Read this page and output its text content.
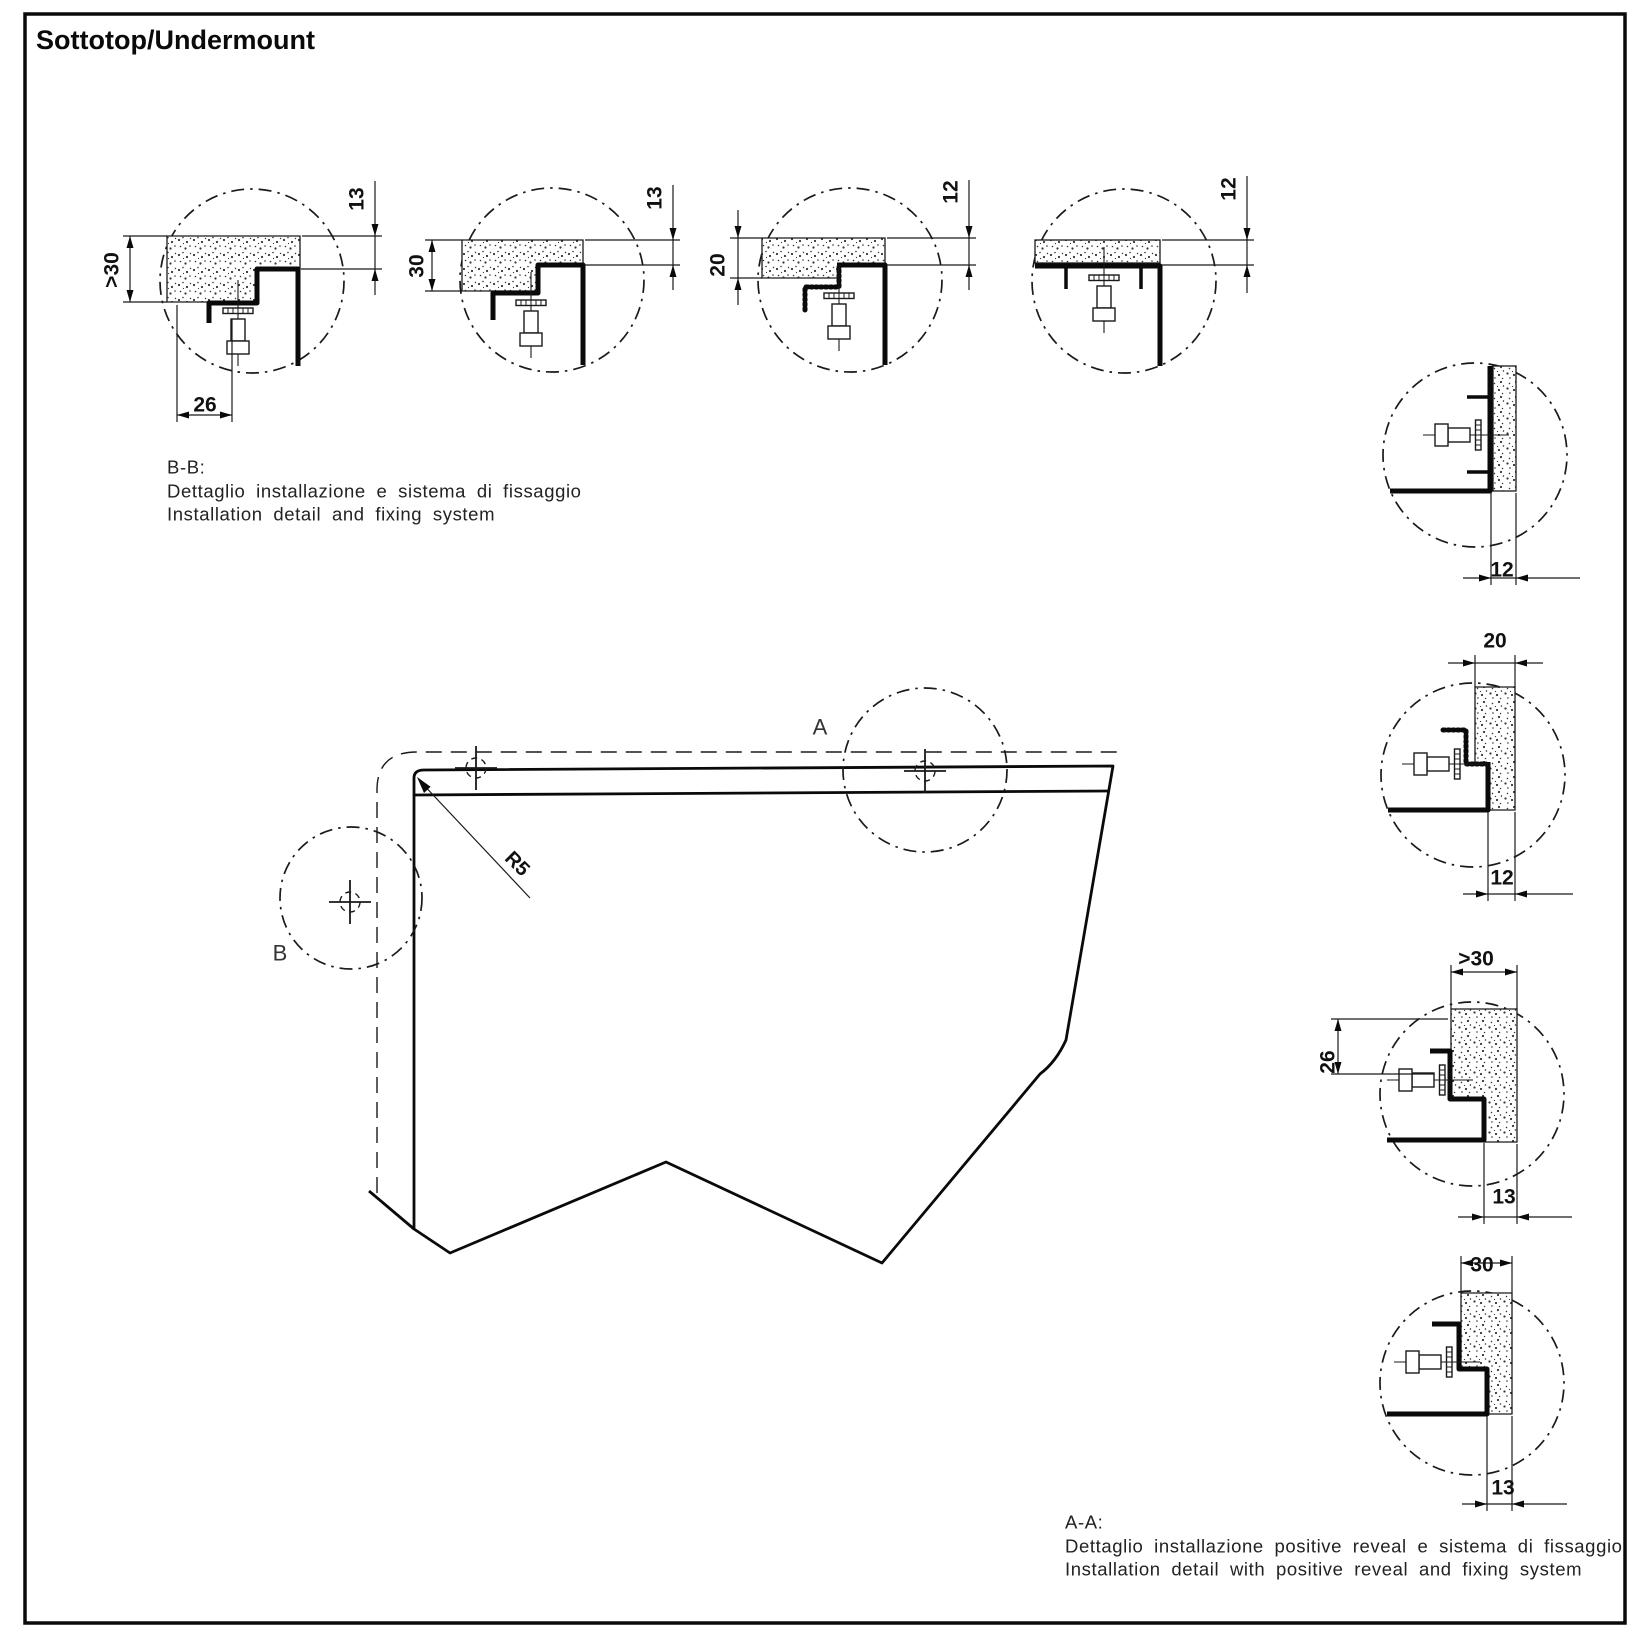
Sottotop/Undermount
R5
A
B
>30
13
26
30
13
20
12	12
12
20
12
>30
26
13
30
13
B-B:
Dettaglio installazione e sistema di fissaggio
Installation detail and fixing system
A-A:
Dettaglio installazione positive reveal e sistema di fissaggio
Installation detail with positive reveal and fixing system
